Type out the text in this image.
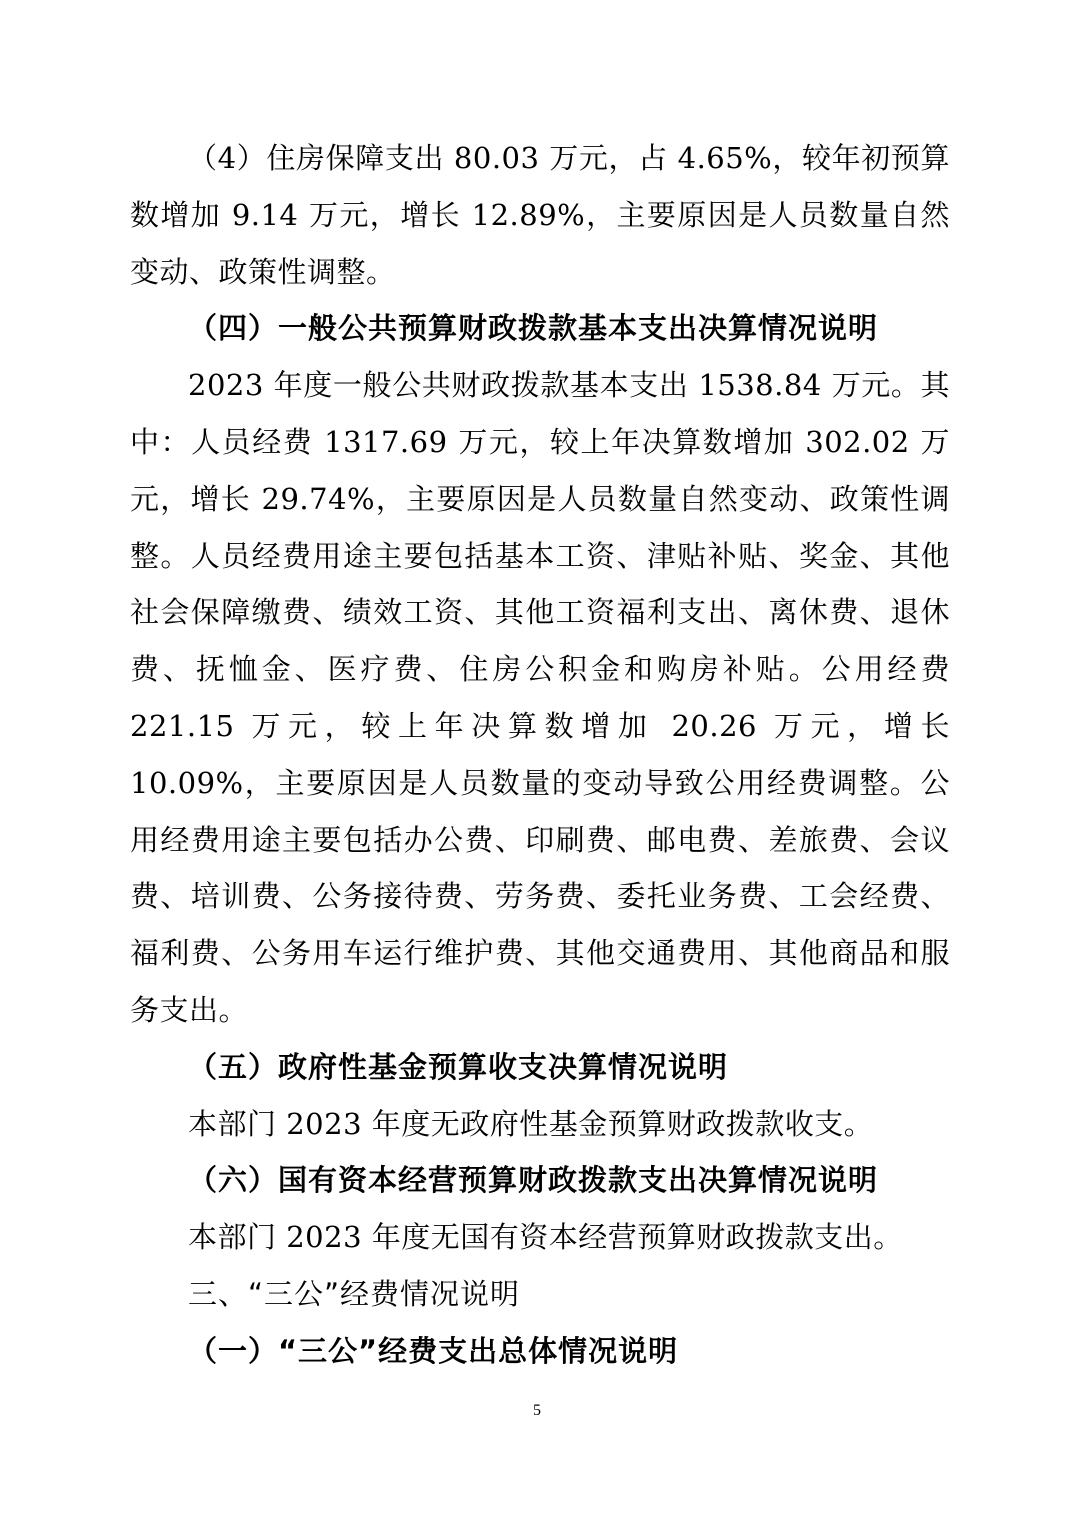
（4）住房保障支出 80.03 万元，占 4.65%，较年初预算数增加 9.14 万元，增长 12.89%，主要原因是人员数量自然变动、政策性调整。

（四）一般公共预算财政拨款基本支出决算情况说明

2023 年度一般公共财政拨款基本支出 1538.84 万元。其中：人员经费 1317.69 万元，较上年决算数增加 302.02 万元，增长 29.74%，主要原因是人员数量自然变动、政策性调整。人员经费用途主要包括基本工资、津贴补贴、奖金、其他社会保障缴费、绩效工资、其他工资福利支出、离休费、退休费、抚恤金、医疗费、住房公积金和购房补贴。公用经费 221.15 万元，较上年决算数增加 20.26 万元，增长 10.09%，主要原因是人员数量的变动导致公用经费调整。公用经费用途主要包括办公费、印刷费、邮电费、差旅费、会议费、培训费、公务接待费、劳务费、委托业务费、工会经费、福利费、公务用车运行维护费、其他交通费用、其他商品和服务支出。

（五）政府性基金预算收支决算情况说明

本部门 2023 年度无政府性基金预算财政拨款收支。

（六）国有资本经营预算财政拨款支出决算情况说明

本部门 2023 年度无国有资本经营预算财政拨款支出。

三、“三公”经费情况说明

（一）“三公”经费支出总体情况说明

5
